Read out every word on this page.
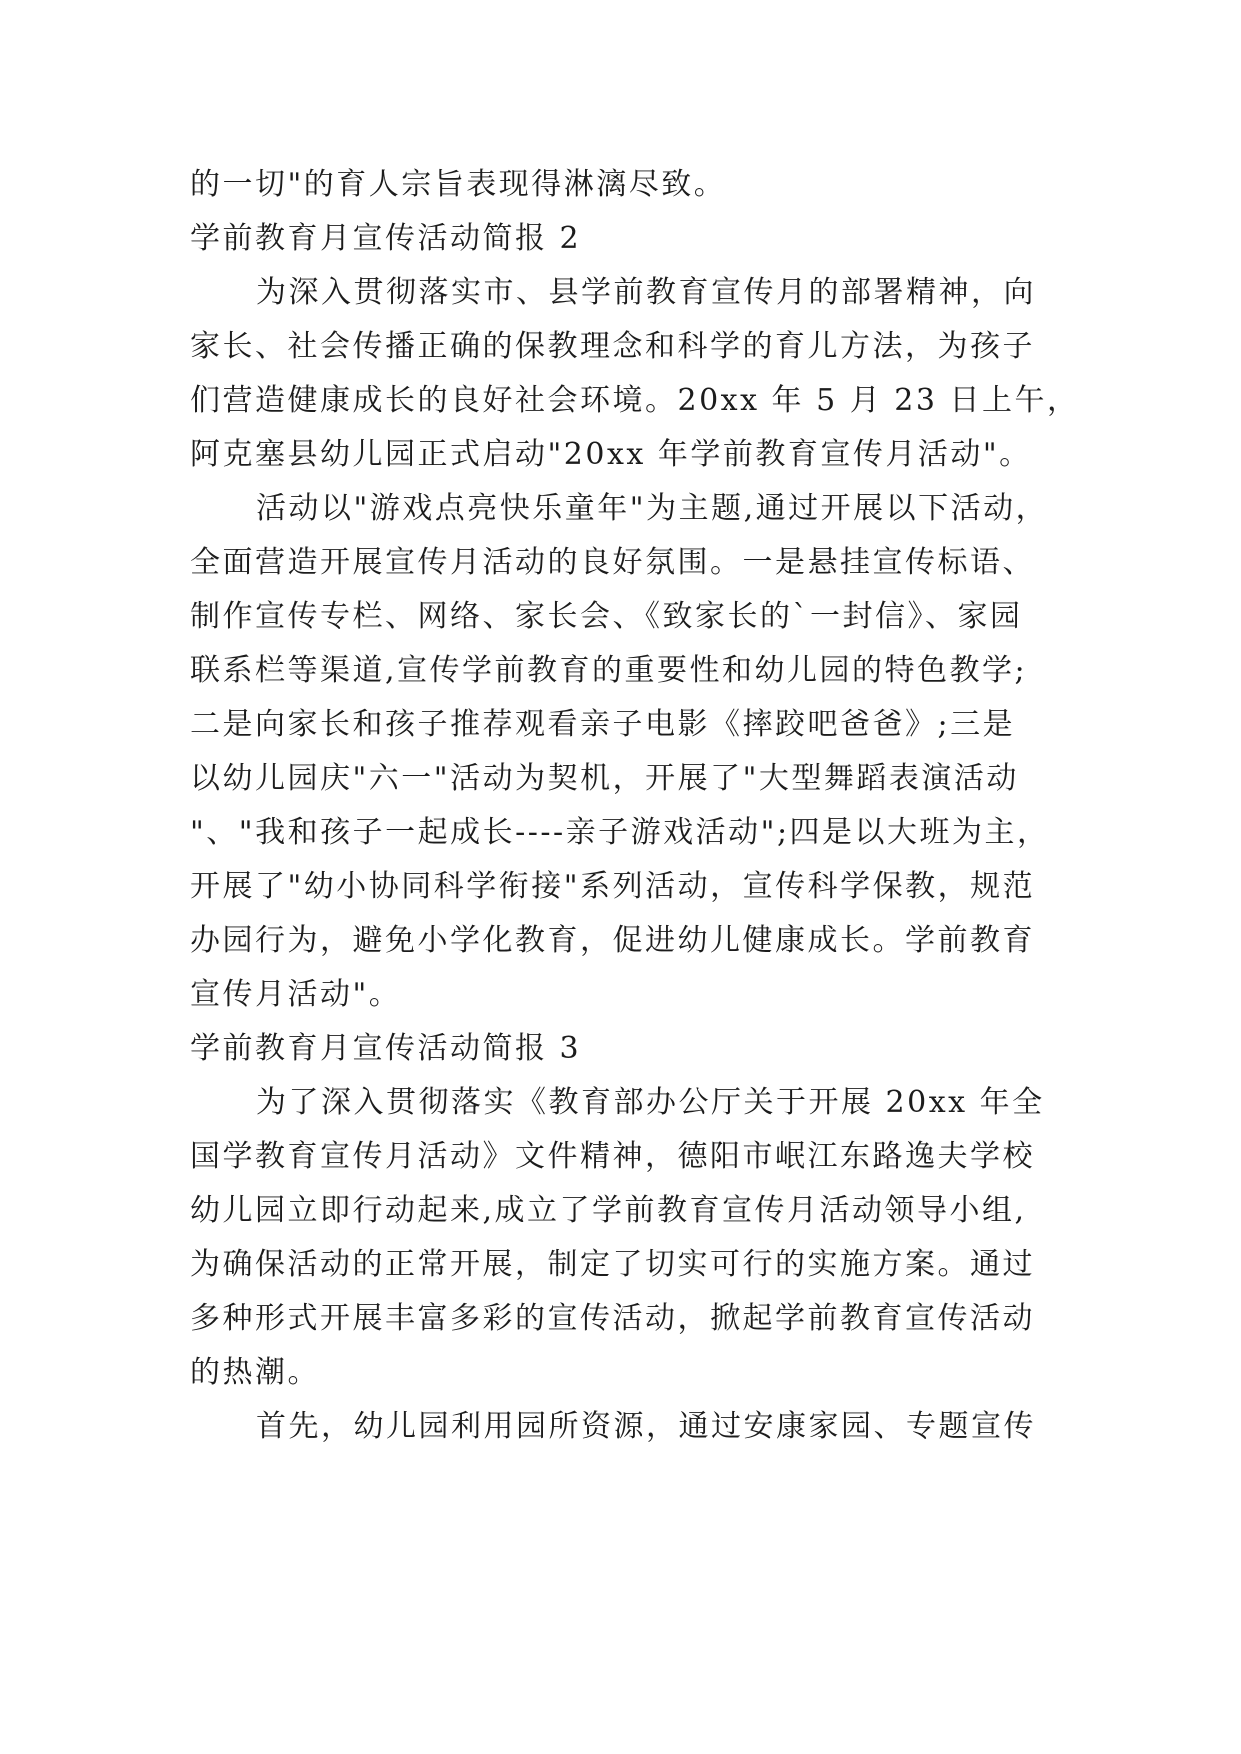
的一切"的育人宗旨表现得淋漓尽致。
学前教育月宣传活动简报 2
为深入贯彻落实市、县学前教育宣传月的部署精神，向
家长、社会传播正确的保教理念和科学的育儿方法，为孩子
们营造健康成长的良好社会环境。20xx 年 5 月 23 日上午，
阿克塞县幼儿园正式启动"20xx 年学前教育宣传月活动"。
活动以"游戏点亮快乐童年"为主题,通过开展以下活动，
全面营造开展宣传月活动的良好氛围。一是悬挂宣传标语、
制作宣传专栏、网络、家长会、《致家长的`一封信》、家园
联系栏等渠道,宣传学前教育的重要性和幼儿园的特色教学;
二是向家长和孩子推荐观看亲子电影《摔跤吧爸爸》;三是
以幼儿园庆"六一"活动为契机，开展了"大型舞蹈表演活动
"、"我和孩子一起成长----亲子游戏活动";四是以大班为主，
开展了"幼小协同科学衔接"系列活动，宣传科学保教，规范
办园行为，避免小学化教育，促进幼儿健康成长。学前教育
宣传月活动"。
学前教育月宣传活动简报 3
为了深入贯彻落实《教育部办公厅关于开展 20xx 年全
国学教育宣传月活动》文件精神，德阳市岷江东路逸夫学校
幼儿园立即行动起来,成立了学前教育宣传月活动领导小组,
为确保活动的正常开展，制定了切实可行的实施方案。通过
多种形式开展丰富多彩的宣传活动，掀起学前教育宣传活动
的热潮。
首先，幼儿园利用园所资源，通过安康家园、专题宣传
